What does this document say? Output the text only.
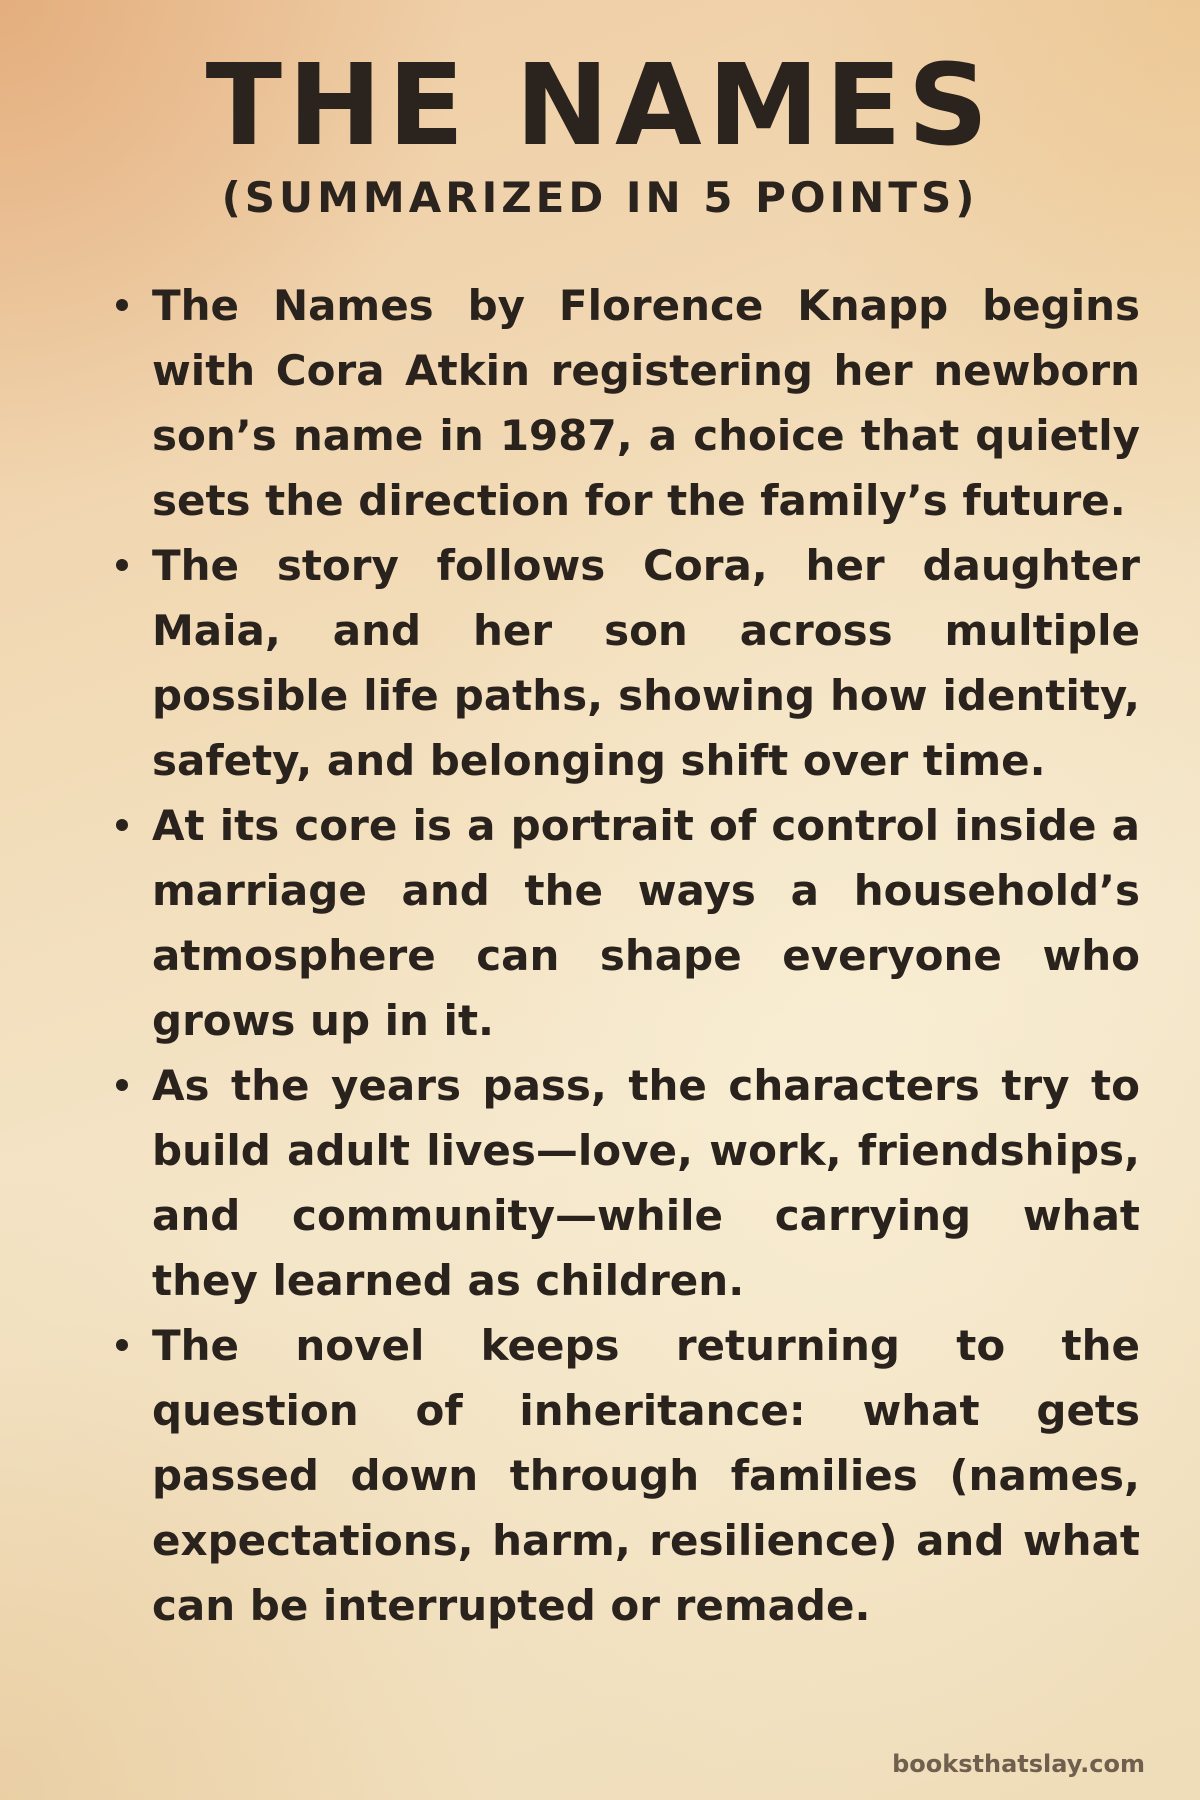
THE NAMES
(SUMMARIZED IN 5 POINTS)
The Names by Florence Knapp begins with Cora Atkin registering her newborn son’s name in 1987, a choice that quietly sets the direction for the family’s future.
The story follows Cora, her daughter Maia, and her son across multiple possible life paths, showing how identity, safety, and belonging shift over time.
At its core is a portrait of control inside a marriage and the ways a household’s atmosphere can shape everyone who grows up in it.
As the years pass, the characters try to build adult lives—love, work, friendships, and community—while carrying what they learned as children.
The novel keeps returning to the question of inheritance: what gets passed down through families (names, expectations, harm, resilience) and what can be interrupted or remade.
booksthatslay.com
